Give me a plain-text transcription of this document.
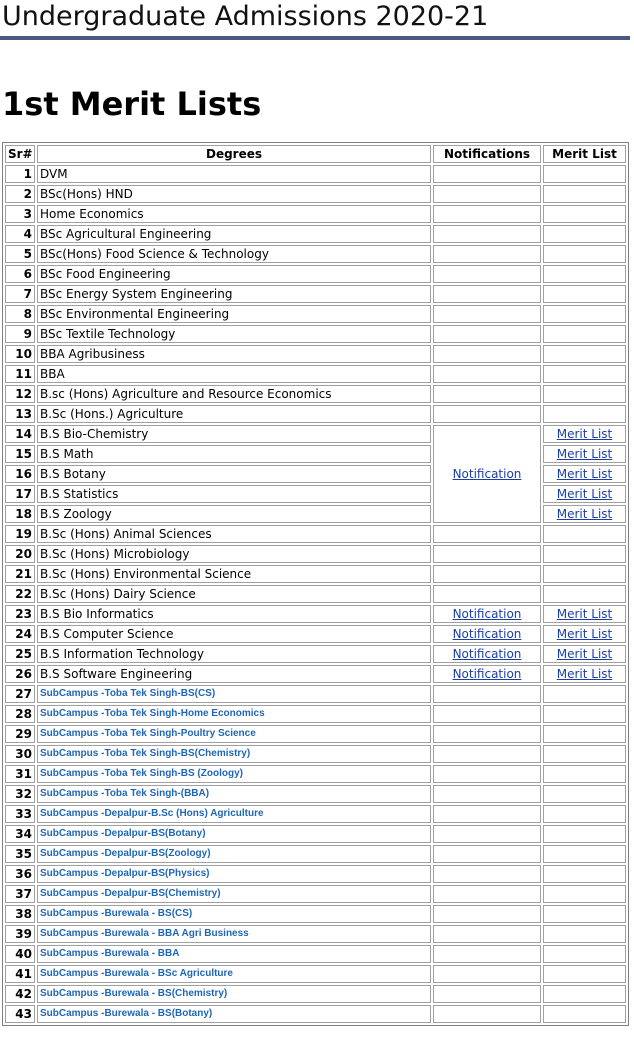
Undergraduate Admissions 2020-21
1st Merit Lists
Sr#	Degrees	Notifications	Merit List
1	DVM		
2	BSc(Hons) HND		
3	Home Economics		
4	BSc Agricultural Engineering		
5	BSc(Hons) Food Science & Technology		
6	BSc Food Engineering		
7	BSc Energy System Engineering		
8	BSc Environmental Engineering		
9	BSc Textile Technology		
10	BBA Agribusiness		
11	BBA		
12	B.sc (Hons) Agriculture and Resource Economics		
13	B.Sc (Hons.) Agriculture		
14	B.S Bio-Chemistry	Notification	Merit List
15	B.S Math		Merit List
16	B.S Botany		Merit List
17	B.S Statistics		Merit List
18	B.S Zoology		Merit List
19	B.Sc (Hons) Animal Sciences		
20	B.Sc (Hons) Microbiology		
21	B.Sc (Hons) Environmental Science		
22	B.Sc (Hons) Dairy Science		
23	B.S Bio Informatics	Notification	Merit List
24	B.S Computer Science	Notification	Merit List
25	B.S Information Technology	Notification	Merit List
26	B.S Software Engineering	Notification	Merit List
27	SubCampus -Toba Tek Singh-BS(CS)		
28	SubCampus -Toba Tek Singh-Home Economics		
29	SubCampus -Toba Tek Singh-Poultry Science		
30	SubCampus -Toba Tek Singh-BS(Chemistry)		
31	SubCampus -Toba Tek Singh-BS (Zoology)		
32	SubCampus -Toba Tek Singh-(BBA)		
33	SubCampus -Depalpur-B.Sc (Hons) Agriculture		
34	SubCampus -Depalpur-BS(Botany)		
35	SubCampus -Depalpur-BS(Zoology)		
36	SubCampus -Depalpur-BS(Physics)		
37	SubCampus -Depalpur-BS(Chemistry)		
38	SubCampus -Burewala - BS(CS)		
39	SubCampus -Burewala - BBA Agri Business		
40	SubCampus -Burewala - BBA		
41	SubCampus -Burewala - BSc Agriculture		
42	SubCampus -Burewala - BS(Chemistry)		
43	SubCampus -Burewala - BS(Botany)		
